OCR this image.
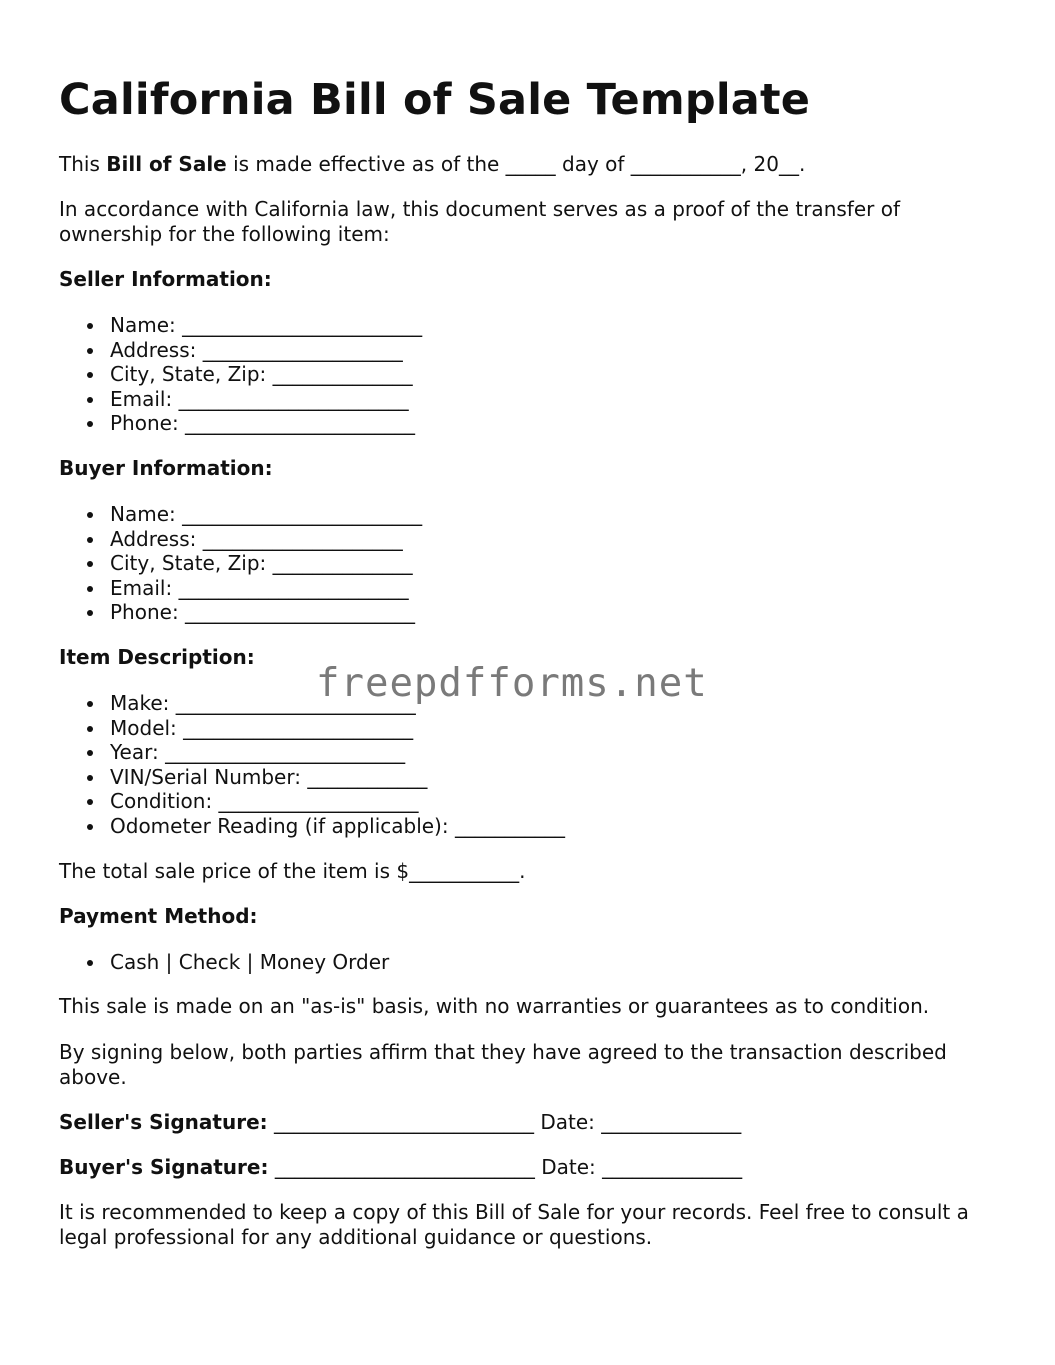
California Bill of Sale Template

This Bill of Sale is made effective as of the _____ day of ___________, 20__.

In accordance with California law, this document serves as a proof of the transfer of ownership for the following item:

Seller Information:

Name: ________________________
Address: ____________________
City, State, Zip: ______________
Email: _______________________
Phone: _______________________

Buyer Information:

Name: ________________________
Address: ____________________
City, State, Zip: ______________
Email: _______________________
Phone: _______________________

Item Description:

Make: ________________________
Model: _______________________
Year: ________________________
VIN/Serial Number: ____________
Condition: ____________________
Odometer Reading (if applicable): ___________

The total sale price of the item is $___________.

Payment Method:

Cash | Check | Money Order

This sale is made on an "as-is" basis, with no warranties or guarantees as to condition.

By signing below, both parties affirm that they have agreed to the transaction described above.

Seller's Signature: __________________________ Date: ______________

Buyer's Signature: __________________________ Date: ______________

It is recommended to keep a copy of this Bill of Sale for your records. Feel free to consult a legal professional for any additional guidance or questions.

freepdfforms.net
